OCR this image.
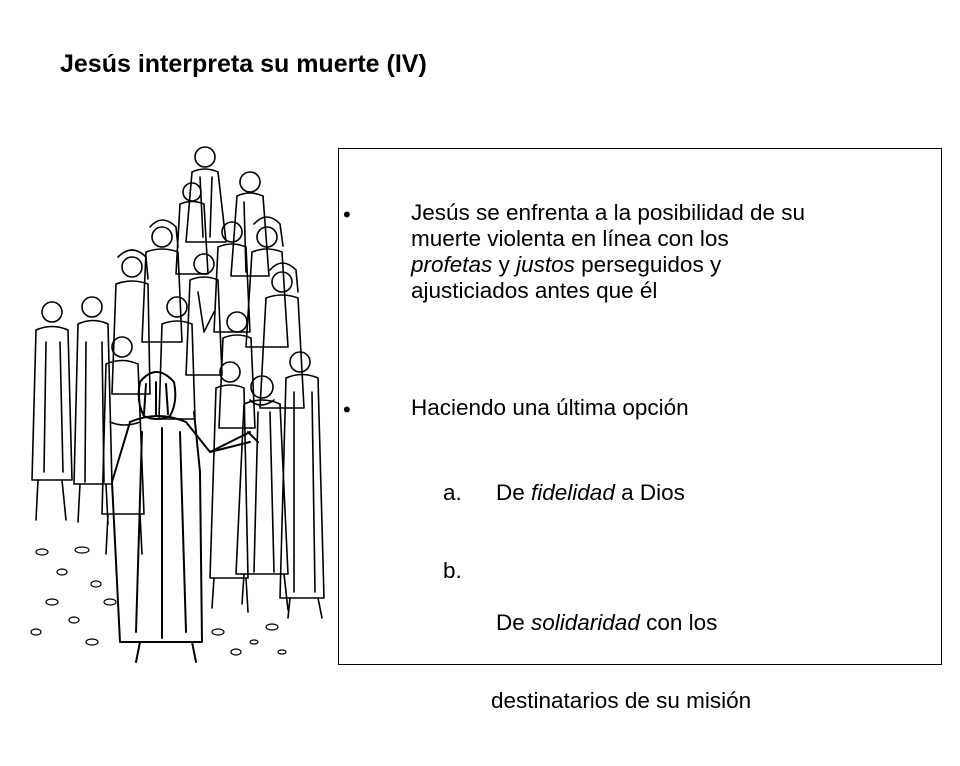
Jesús interpreta su muerte (IV)
•	Jesús se enfrenta a la posibilidad de su
muerte violenta en línea con los
profetas y justos perseguidos y
ajusticiados antes que él
•	Haciendo una última opción
a. De fidelidad a Dios
b.

De solidaridad con los

destinatarios de su misión
